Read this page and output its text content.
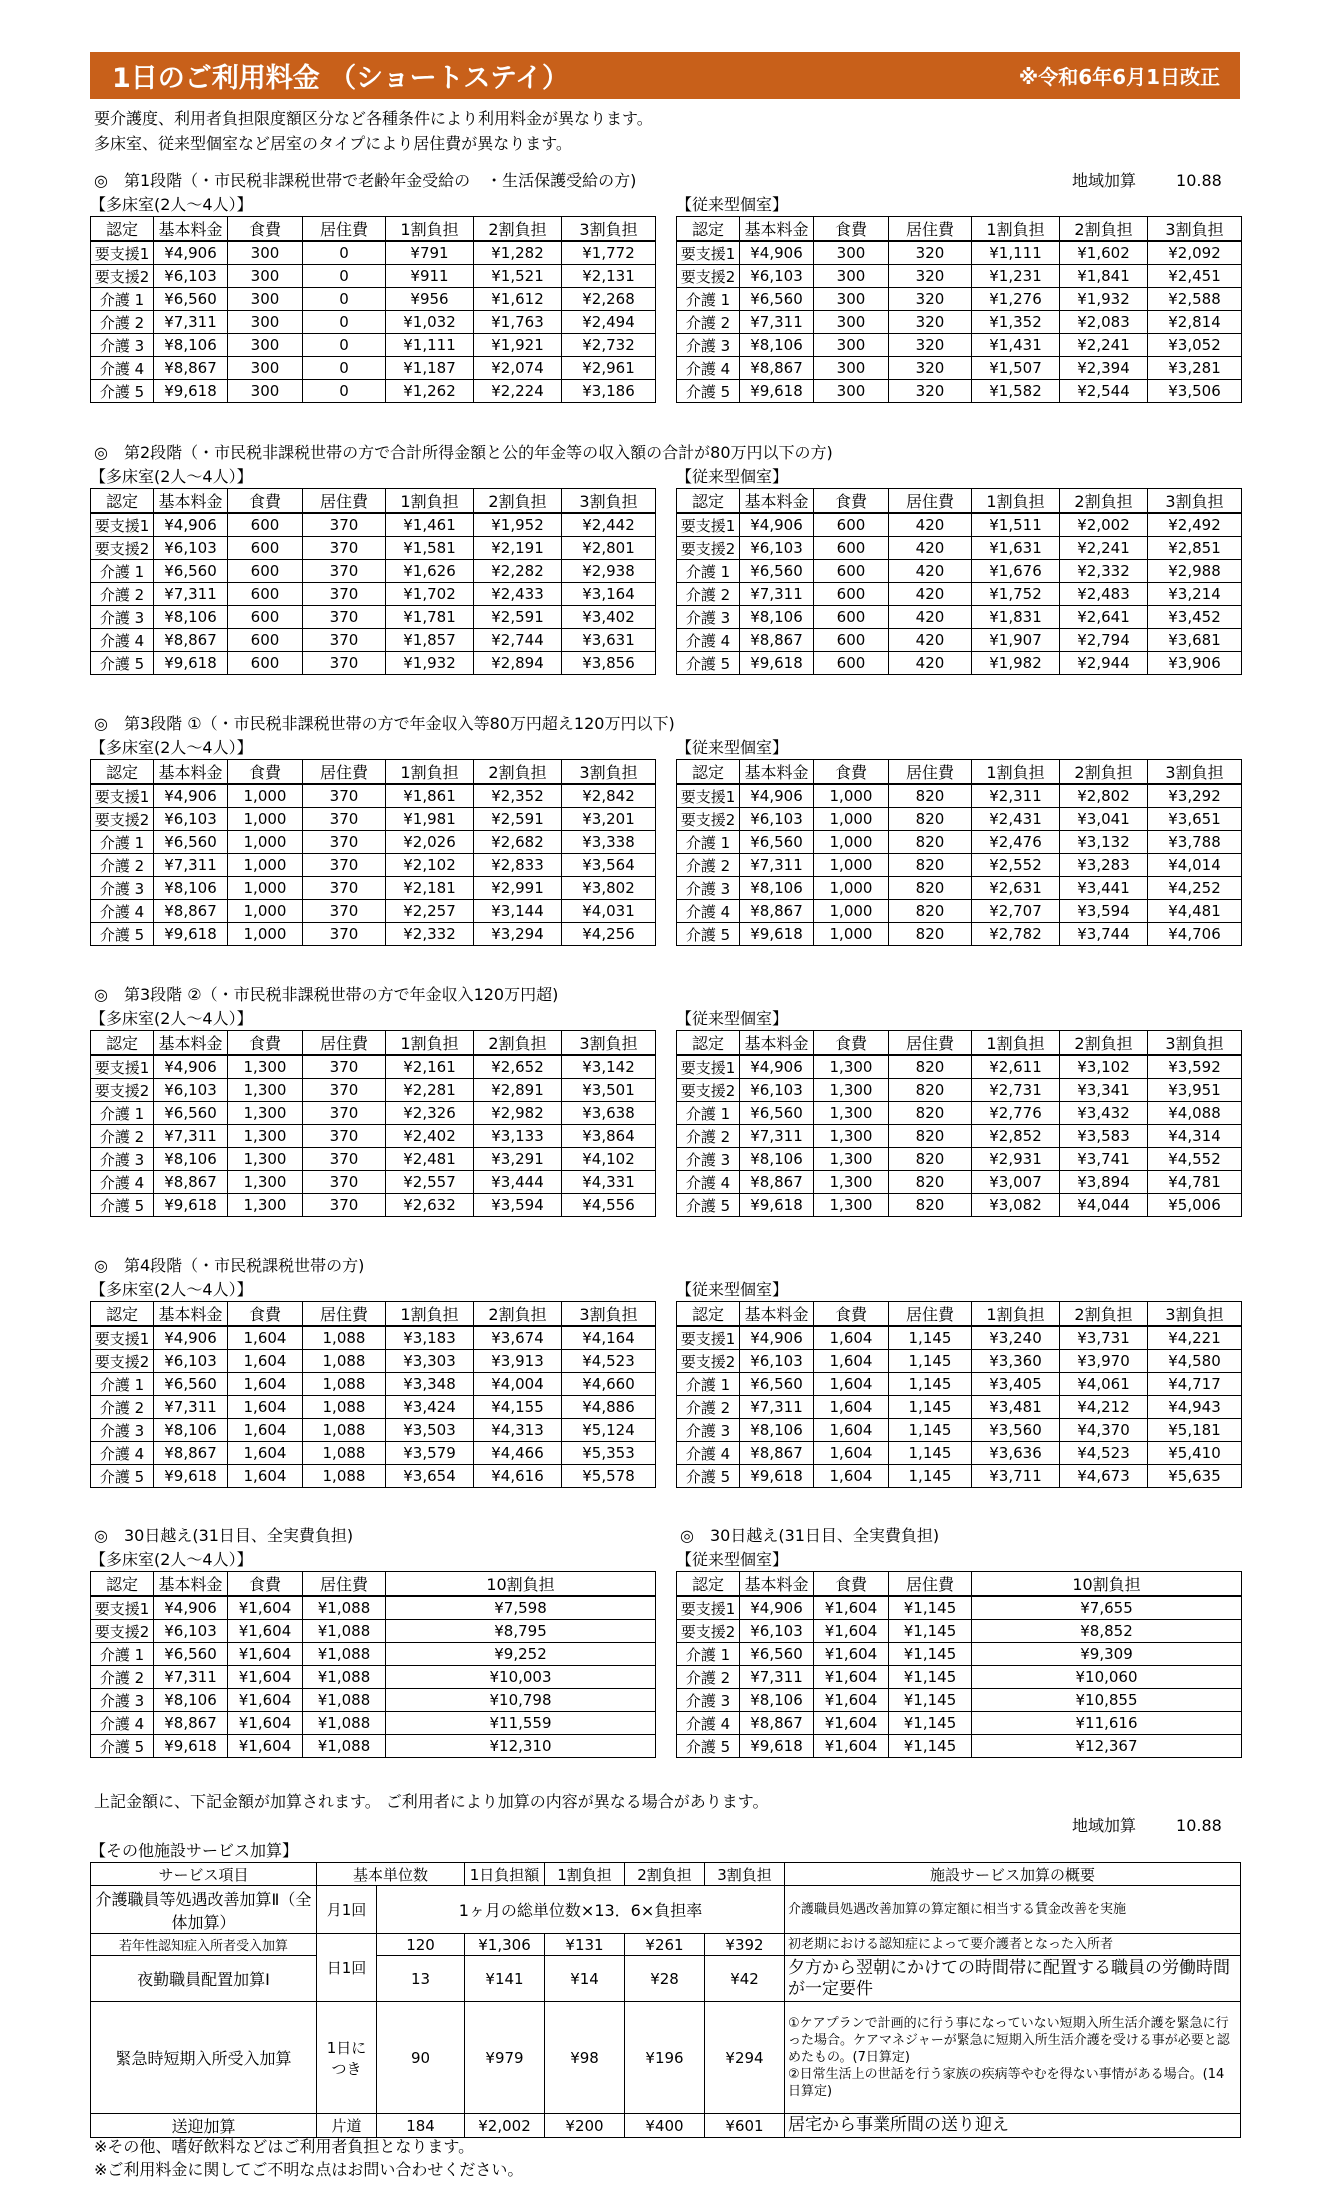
1日のご利用料金 （ショートステイ）	※令和6年6月1日改正
要介護度、利用者負担限度額区分など各種条件により利用料金が異なります。
多床室、従来型個室など居室のタイプにより居住費が異なります。
地域加算	10.88
◎　第1段階（・市民税非課税世帯で老齢年金受給の　・生活保護受給の方)
【多床室(2人～4人）】	【従来型個室】
認定	基本料金	食費	居住費	1割負担	2割負担	3割負担
要支援1	¥4,906	300	0	¥791	¥1,282	¥1,772
要支援2	¥6,103	300	0	¥911	¥1,521	¥2,131
介護 1	¥6,560	300	0	¥956	¥1,612	¥2,268
介護 2	¥7,311	300	0	¥1,032	¥1,763	¥2,494
介護 3	¥8,106	300	0	¥1,111	¥1,921	¥2,732
介護 4	¥8,867	300	0	¥1,187	¥2,074	¥2,961
介護 5	¥9,618	300	0	¥1,262	¥2,224	¥3,186
認定	基本料金	食費	居住費	1割負担	2割負担	3割負担
要支援1	¥4,906	300	320	¥1,111	¥1,602	¥2,092
要支援2	¥6,103	300	320	¥1,231	¥1,841	¥2,451
介護 1	¥6,560	300	320	¥1,276	¥1,932	¥2,588
介護 2	¥7,311	300	320	¥1,352	¥2,083	¥2,814
介護 3	¥8,106	300	320	¥1,431	¥2,241	¥3,052
介護 4	¥8,867	300	320	¥1,507	¥2,394	¥3,281
介護 5	¥9,618	300	320	¥1,582	¥2,544	¥3,506
◎　第2段階（・市民税非課税世帯の方で合計所得金額と公的年金等の収入額の合計が80万円以下の方)
【多床室(2人～4人）】	【従来型個室】
認定	基本料金	食費	居住費	1割負担	2割負担	3割負担
要支援1	¥4,906	600	370	¥1,461	¥1,952	¥2,442
要支援2	¥6,103	600	370	¥1,581	¥2,191	¥2,801
介護 1	¥6,560	600	370	¥1,626	¥2,282	¥2,938
介護 2	¥7,311	600	370	¥1,702	¥2,433	¥3,164
介護 3	¥8,106	600	370	¥1,781	¥2,591	¥3,402
介護 4	¥8,867	600	370	¥1,857	¥2,744	¥3,631
介護 5	¥9,618	600	370	¥1,932	¥2,894	¥3,856
認定	基本料金	食費	居住費	1割負担	2割負担	3割負担
要支援1	¥4,906	600	420	¥1,511	¥2,002	¥2,492
要支援2	¥6,103	600	420	¥1,631	¥2,241	¥2,851
介護 1	¥6,560	600	420	¥1,676	¥2,332	¥2,988
介護 2	¥7,311	600	420	¥1,752	¥2,483	¥3,214
介護 3	¥8,106	600	420	¥1,831	¥2,641	¥3,452
介護 4	¥8,867	600	420	¥1,907	¥2,794	¥3,681
介護 5	¥9,618	600	420	¥1,982	¥2,944	¥3,906
◎　第3段階 ①（・市民税非課税世帯の方で年金収入等80万円超え120万円以下)
【多床室(2人～4人）】	【従来型個室】
認定	基本料金	食費	居住費	1割負担	2割負担	3割負担
要支援1	¥4,906	1,000	370	¥1,861	¥2,352	¥2,842
要支援2	¥6,103	1,000	370	¥1,981	¥2,591	¥3,201
介護 1	¥6,560	1,000	370	¥2,026	¥2,682	¥3,338
介護 2	¥7,311	1,000	370	¥2,102	¥2,833	¥3,564
介護 3	¥8,106	1,000	370	¥2,181	¥2,991	¥3,802
介護 4	¥8,867	1,000	370	¥2,257	¥3,144	¥4,031
介護 5	¥9,618	1,000	370	¥2,332	¥3,294	¥4,256
認定	基本料金	食費	居住費	1割負担	2割負担	3割負担
要支援1	¥4,906	1,000	820	¥2,311	¥2,802	¥3,292
要支援2	¥6,103	1,000	820	¥2,431	¥3,041	¥3,651
介護 1	¥6,560	1,000	820	¥2,476	¥3,132	¥3,788
介護 2	¥7,311	1,000	820	¥2,552	¥3,283	¥4,014
介護 3	¥8,106	1,000	820	¥2,631	¥3,441	¥4,252
介護 4	¥8,867	1,000	820	¥2,707	¥3,594	¥4,481
介護 5	¥9,618	1,000	820	¥2,782	¥3,744	¥4,706
◎　第3段階 ②（・市民税非課税世帯の方で年金収入120万円超)
【多床室(2人～4人）】	【従来型個室】
認定	基本料金	食費	居住費	1割負担	2割負担	3割負担
要支援1	¥4,906	1,300	370	¥2,161	¥2,652	¥3,142
要支援2	¥6,103	1,300	370	¥2,281	¥2,891	¥3,501
介護 1	¥6,560	1,300	370	¥2,326	¥2,982	¥3,638
介護 2	¥7,311	1,300	370	¥2,402	¥3,133	¥3,864
介護 3	¥8,106	1,300	370	¥2,481	¥3,291	¥4,102
介護 4	¥8,867	1,300	370	¥2,557	¥3,444	¥4,331
介護 5	¥9,618	1,300	370	¥2,632	¥3,594	¥4,556
認定	基本料金	食費	居住費	1割負担	2割負担	3割負担
要支援1	¥4,906	1,300	820	¥2,611	¥3,102	¥3,592
要支援2	¥6,103	1,300	820	¥2,731	¥3,341	¥3,951
介護 1	¥6,560	1,300	820	¥2,776	¥3,432	¥4,088
介護 2	¥7,311	1,300	820	¥2,852	¥3,583	¥4,314
介護 3	¥8,106	1,300	820	¥2,931	¥3,741	¥4,552
介護 4	¥8,867	1,300	820	¥3,007	¥3,894	¥4,781
介護 5	¥9,618	1,300	820	¥3,082	¥4,044	¥5,006
◎　第4段階（・市民税課税世帯の方)
【多床室(2人～4人）】	【従来型個室】
認定	基本料金	食費	居住費	1割負担	2割負担	3割負担
要支援1	¥4,906	1,604	1,088	¥3,183	¥3,674	¥4,164
要支援2	¥6,103	1,604	1,088	¥3,303	¥3,913	¥4,523
介護 1	¥6,560	1,604	1,088	¥3,348	¥4,004	¥4,660
介護 2	¥7,311	1,604	1,088	¥3,424	¥4,155	¥4,886
介護 3	¥8,106	1,604	1,088	¥3,503	¥4,313	¥5,124
介護 4	¥8,867	1,604	1,088	¥3,579	¥4,466	¥5,353
介護 5	¥9,618	1,604	1,088	¥3,654	¥4,616	¥5,578
認定	基本料金	食費	居住費	1割負担	2割負担	3割負担
要支援1	¥4,906	1,604	1,145	¥3,240	¥3,731	¥4,221
要支援2	¥6,103	1,604	1,145	¥3,360	¥3,970	¥4,580
介護 1	¥6,560	1,604	1,145	¥3,405	¥4,061	¥4,717
介護 2	¥7,311	1,604	1,145	¥3,481	¥4,212	¥4,943
介護 3	¥8,106	1,604	1,145	¥3,560	¥4,370	¥5,181
介護 4	¥8,867	1,604	1,145	¥3,636	¥4,523	¥5,410
介護 5	¥9,618	1,604	1,145	¥3,711	¥4,673	¥5,635
◎　30日越え(31日目、全実費負担)
【多床室(2人～4人）】
認定	基本料金	食費	居住費	10割負担
要支援1	¥4,906	¥1,604	¥1,088	¥7,598
要支援2	¥6,103	¥1,604	¥1,088	¥8,795
介護 1	¥6,560	¥1,604	¥1,088	¥9,252
介護 2	¥7,311	¥1,604	¥1,088	¥10,003
介護 3	¥8,106	¥1,604	¥1,088	¥10,798
介護 4	¥8,867	¥1,604	¥1,088	¥11,559
介護 5	¥9,618	¥1,604	¥1,088	¥12,310
◎　30日越え(31日目、全実費負担)
【従来型個室】
認定	基本料金	食費	居住費	10割負担
要支援1	¥4,906	¥1,604	¥1,145	¥7,655
要支援2	¥6,103	¥1,604	¥1,145	¥8,852
介護 1	¥6,560	¥1,604	¥1,145	¥9,309
介護 2	¥7,311	¥1,604	¥1,145	¥10,060
介護 3	¥8,106	¥1,604	¥1,145	¥10,855
介護 4	¥8,867	¥1,604	¥1,145	¥11,616
介護 5	¥9,618	¥1,604	¥1,145	¥12,367
上記金額に、下記金額が加算されます。 ご利用者により加算の内容が異なる場合があります。
地域加算	10.88
【その他施設サービス加算】
サービス項目	基本単位数		1日負担額	1割負担	2割負担	3割負担	施設サービス加算の概要
介護職員等処遇改善加算Ⅱ（全体加算）	月1回	1ヶ月の総単位数×13．6×負担率					介護職員処遇改善加算の算定額に相当する賃金改善を実施
若年性認知症入所者受入加算	日1回	120	¥1,306	¥131	¥261	¥392	初老期における認知症によって要介護者となった入所者
夜勤職員配置加算Ⅰ		13	¥141	¥14	¥28	¥42	夕方から翌朝にかけての時間帯に配置する職員の労働時間が一定要件
緊急時短期入所受入加算	1日につき	90	¥979	¥98	¥196	¥294	①ケアプランで計画的に行う事になっていない短期入所生活介護を緊急に行った場合。ケアマネジャーが緊急に短期入所生活介護を受ける事が必要と認めたもの。(7日算定)
②日常生活上の世話を行う家族の疾病等やむを得ない事情がある場合。(14日算定)

送迎加算	片道	184	¥2,002	¥200	¥400	¥601	居宅から事業所間の送り迎え
※その他、嗜好飲料などはご利用者負担となります。
※ご利用料金に関してご不明な点はお問い合わせください。
